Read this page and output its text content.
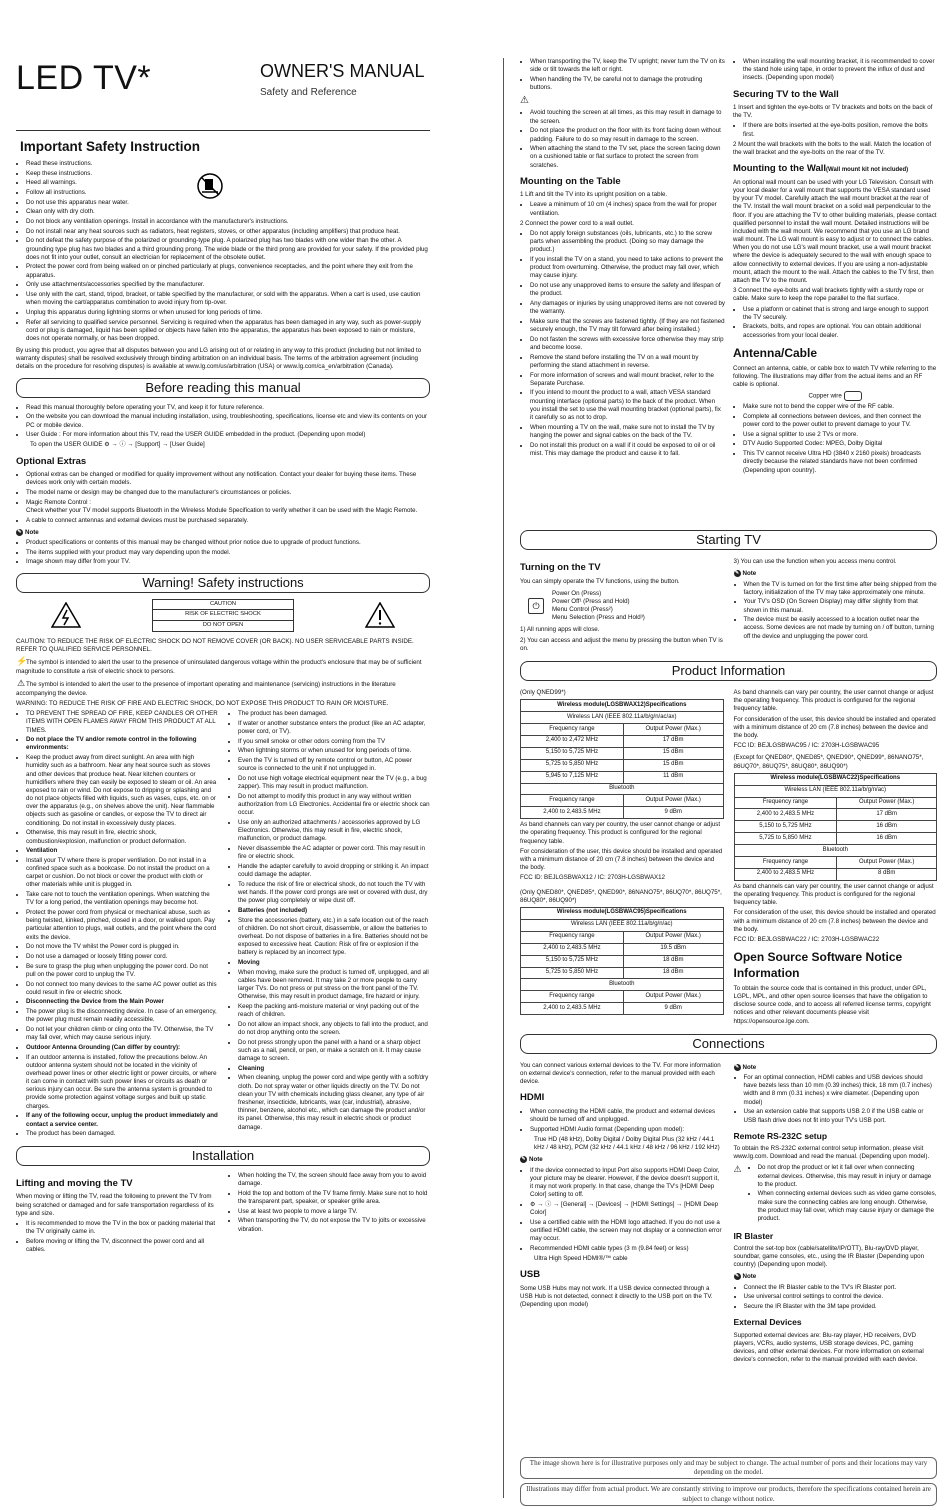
LED TV*	OWNER'S MANUAL
Safety and Reference
Important Safety Instruction
• Read these instructions.
• Keep these instructions.
• Heed all warnings.
• Follow all instructions.
• Do not use this apparatus near water.
• Clean only with dry cloth.
• Do not block any ventilation openings. Install in accordance with the manufacturer's instructions.
• Do not install near any heat sources such as radiators, heat registers, stoves, or other apparatus (including amplifiers) that produce heat.
• Do not defeat the safety purpose of the polarized or grounding-type plug. A polarized plug has two blades with one wider than the other. A grounding type plug has two blades and a third grounding prong. The wide blade or the third prong are provided for your safety. If the provided plug does not fit into your outlet, consult an electrician for replacement of the obsolete outlet.
• Protect the power cord from being walked on or pinched particularly at plugs, convenience receptacles, and the point where they exit from the apparatus.
• Only use attachments/accessories specified by the manufacturer.
• Use only with the cart, stand, tripod, bracket, or table specified by the manufacturer, or sold with the apparatus. When a cart is used, use caution when moving the cart/apparatus combination to avoid injury from tip-over.
• Unplug this apparatus during lightning storms or when unused for long periods of time.
• Refer all servicing to qualified service personnel. Servicing is required when the apparatus has been damaged in any way, such as power-supply cord or plug is damaged, liquid has been spilled or objects have fallen into the apparatus, the apparatus has been exposed to rain or moisture, does not operate normally, or has been dropped.

By using this product, you agree that all disputes between you and LG arising out of or relating in any way to this product (including but not limited to warranty disputes) shall be resolved exclusively through binding arbitration on an individual basis. The terms of the arbitration agreement (including details on the procedure for resolving disputes) is available at www.lg.com/us/arbitration (USA) or www.lg.com/ca_en/arbitration (Canada).

Before reading this manual
• Read this manual thoroughly before operating your TV, and keep it for future reference.
• On the website you can download the manual including installation, using, troubleshooting, specifications, license etc and view its contents on your PC or mobile device.
• User Guide : For more information about this TV, read the USER GUIDE embedded in the product. (Depending upon model)

To open the USER GUIDE ⚙ → ⓘ → [Support] → [User Guide]

Optional Extras
• Optional extras can be changed or modified for quality improvement without any notification. Contact your dealer for buying these items. These devices work only with certain models.
• The model name or design may be changed due to the manufacturer's circumstances or policies.
• Magic Remote Control :
Check whether your TV model supports Bluetooth in the Wireless Module Specification to verify whether it can be used with the Magic Remote.
• A cable to connect antennas and external devices must be purchased separately.
✎ Note
• Product specifications or contents of this manual may be changed without prior notice due to upgrade of product functions.
• The items supplied with your product may vary depending upon the model.
• Image shown may differ from your TV.
Warning! Safety instructions
CAUTION
RISK OF ELECTRIC SHOCK
DO NOT OPEN

CAUTION: TO REDUCE THE RISK OF ELECTRIC SHOCK DO NOT REMOVE COVER (OR BACK). NO USER SERVICEABLE PARTS INSIDE. REFER TO QUALIFIED SERVICE PERSONNEL.

⚡The symbol is intended to alert the user to the presence of uninsulated dangerous voltage within the product's enclosure that may be of sufficient magnitude to constitute a risk of electric shock to persons.

⚠The symbol is intended to alert the user to the presence of important operating and maintenance (servicing) instructions in the literature accompanying the device.

WARNING: TO REDUCE THE RISK OF FIRE AND ELECTRIC SHOCK, DO NOT EXPOSE THIS PRODUCT TO RAIN OR MOISTURE.

• TO PREVENT THE SPREAD OF FIRE, KEEP CANDLES OR OTHER ITEMS WITH OPEN FLAMES AWAY FROM THIS PRODUCT AT ALL TIMES.
• Do not place the TV and/or remote control in the following environments:
• Keep the product away from direct sunlight. An area with high humidity such as a bathroom. Near any heat source such as stoves and other devices that produce heat. Near kitchen counters or humidifiers where they can easily be exposed to steam or oil. An area exposed to rain or wind. Do not expose to dripping or splashing and do not place objects filled with liquids, such as vases, cups, etc. on or over the apparatus (e.g., on shelves above the unit). Near flammable objects such as gasoline or candles, or expose the TV to direct air conditioning. Do not install in excessively dusty places.
• Otherwise, this may result in fire, electric shock, combustion/explosion, malfunction or product deformation.
• Ventilation
• Install your TV where there is proper ventilation. Do not install in a confined space such as a bookcase. Do not install the product on a carpet or cushion. Do not block or cover the product with cloth or other materials while unit is plugged in.
• Take care not to touch the ventilation openings. When watching the TV for a long period, the ventilation openings may become hot.
• Protect the power cord from physical or mechanical abuse, such as being twisted, kinked, pinched, closed in a door, or walked upon. Pay particular attention to plugs, wall outlets, and the point where the cord exits the device.
• Do not move the TV whilst the Power cord is plugged in.
• Do not use a damaged or loosely fitting power cord.
• Be sure to grasp the plug when unplugging the power cord. Do not pull on the power cord to unplug the TV.
• Do not connect too many devices to the same AC power outlet as this could result in fire or electric shock.
• Disconnecting the Device from the Main Power
• The power plug is the disconnecting device. In case of an emergency, the power plug must remain readily accessible.
• Do not let your children climb or cling onto the TV. Otherwise, the TV may fall over, which may cause serious injury.
• Outdoor Antenna Grounding (Can differ by country):
• If an outdoor antenna is installed, follow the precautions below. An outdoor antenna system should not be located in the vicinity of overhead power lines or other electric light or power circuits, or where it can come in contact with such power lines or circuits as death or serious injury can occur. Be sure the antenna system is grounded to provide some protection against voltage surges and built up static charges.
• If any of the following occur, unplug the product immediately and contact a service center.
• The product has been damaged.
• The product has been damaged.
• If water or another substance enters the product (like an AC adapter, power cord, or TV).
• If you smell smoke or other odors coming from the TV
• When lightning storms or when unused for long periods of time.
• Even the TV is turned off by remote control or button, AC power source is connected to the unit if not unplugged in.
• Do not use high voltage electrical equipment near the TV (e.g., a bug zapper). This may result in product malfunction.
• Do not attempt to modify this product in any way without written authorization from LG Electronics. Accidental fire or electric shock can occur.
• Use only an authorized attachments / accessories approved by LG Electronics. Otherwise, this may result in fire, electric shock, malfunction, or product damage.
• Never disassemble the AC adapter or power cord. This may result in fire or electric shock.
• Handle the adapter carefully to avoid dropping or striking it. An impact could damage the adapter.
• To reduce the risk of fire or electrical shock, do not touch the TV with wet hands. If the power cord prongs are wet or covered with dust, dry the power plug completely or wipe dust off.
• Batteries (not included)
• Store the accessories (battery, etc.) in a safe location out of the reach of children. Do not short circuit, disassemble, or allow the batteries to overheat. Do not dispose of batteries in a fire. Batteries should not be exposed to excessive heat. Caution: Risk of fire or explosion if the battery is replaced by an incorrect type.
• Moving
• When moving, make sure the product is turned off, unplugged, and all cables have been removed. It may take 2 or more people to carry larger TVs. Do not press or put stress on the front panel of the TV. Otherwise, this may result in product damage, fire hazard or injury.
• Keep the packing anti-moisture material or vinyl packing out of the reach of children.
• Do not allow an impact shock, any objects to fall into the product, and do not drop anything onto the screen.
• Do not press strongly upon the panel with a hand or a sharp object such as a nail, pencil, or pen, or make a scratch on it. It may cause damage to screen.
• Cleaning
• When cleaning, unplug the power cord and wipe gently with a soft/dry cloth. Do not spray water or other liquids directly on the TV. Do not clean your TV with chemicals including glass cleaner, any type of air freshener, insecticide, lubricants, wax (car, industrial), abrasive, thinner, benzene, alcohol etc., which can damage the product and/or its panel. Otherwise, this may result in electric shock or product damage.
Installation
Lifting and moving the TV

When moving or lifting the TV, read the following to prevent the TV from being scratched or damaged and for safe transportation regardless of its type and size.

• It is recommended to move the TV in the box or packing material that the TV originally came in.
• Before moving or lifting the TV, disconnect the power cord and all cables.
• When holding the TV, the screen should face away from you to avoid damage.
• Hold the top and bottom of the TV frame firmly. Make sure not to hold the transparent part, speaker, or speaker grille area.
• Use at least two people to move a large TV.
• When transporting the TV, do not expose the TV to jolts or excessive vibration.
• When transporting the TV, keep the TV upright; never turn the TV on its side or tilt towards the left or right.
• When handling the TV, be careful not to damage the protruding buttons.

⚠

• Avoid touching the screen at all times, as this may result in damage to the screen.
• Do not place the product on the floor with its front facing down without padding. Failure to do so may result in damage to the screen.
• When attaching the stand to the TV set, place the screen facing down on a cushioned table or flat surface to protect the screen from scratches.
Mounting on the Table

1 Lift and tilt the TV into its upright position on a table.

• Leave a minimum of 10 cm (4 inches) space from the wall for proper ventilation.

2 Connect the power cord to a wall outlet.

• Do not apply foreign substances (oils, lubricants, etc.) to the screw parts when assembling the product. (Doing so may damage the product.)
• If you install the TV on a stand, you need to take actions to prevent the product from overturning. Otherwise, the product may fall over, which may cause injury.
• Do not use any unapproved items to ensure the safety and lifespan of the product.
• Any damages or injuries by using unapproved items are not covered by the warranty.
• Make sure that the screws are fastened tightly. (If they are not fastened securely enough, the TV may tilt forward after being installed.)
• Do not fasten the screws with excessive force otherwise they may strip and become loose.
• Remove the stand before installing the TV on a wall mount by performing the stand attachment in reverse.
• For more information of screws and wall mount bracket, refer to the Separate Purchase.
• If you intend to mount the product to a wall, attach VESA standard mounting interface (optional parts) to the back of the product. When you install the set to use the wall mounting bracket (optional parts), fix it carefully so as not to drop.
• When mounting a TV on the wall, make sure not to install the TV by hanging the power and signal cables on the back of the TV.
• Do not install this product on a wall if it could be exposed to oil or oil mist. This may damage the product and cause it to fall.
• When installing the wall mounting bracket, it is recommended to cover the stand hole using tape, in order to prevent the influx of dust and insects. (Depending upon model)
Securing TV to the Wall

1 Insert and tighten the eye-bolts or TV brackets and bolts on the back of the TV.

• If there are bolts inserted at the eye-bolts position, remove the bolts first.

2 Mount the wall brackets with the bolts to the wall. Match the location of the wall bracket and the eye-bolts on the rear of the TV.

Mounting to the Wall(Wall mount kit not included)

An optional wall mount can be used with your LG Television. Consult with your local dealer for a wall mount that supports the VESA standard used by your TV model. Carefully attach the wall mount bracket at the rear of the TV. Install the wall mount bracket on a solid wall perpendicular to the floor. If you are attaching the TV to other building materials, please contact qualified personnel to install the wall mount. Detailed instructions will be included with the wall mount. We recommend that you use an LG brand wall mount. The LG wall mount is easy to adjust or to connect the cables. When you do not use LG's wall mount bracket, use a wall mount bracket where the device is adequately secured to the wall with enough space to allow connectivity to external devices. If you are using a non-adjustable mount, attach the mount to the wall. Attach the cables to the TV first, then attach the TV to the mount.

3 Connect the eye-bolts and wall brackets tightly with a sturdy rope or cable. Make sure to keep the rope parallel to the flat surface.

• Use a platform or cabinet that is strong and large enough to support the TV securely.
• Brackets, bolts, and ropes are optional. You can obtain additional accessories from your local dealer.
Antenna/Cable

Connect an antenna, cable, or cable box to watch TV while referring to the following. The illustrations may differ from the actual items and an RF cable is optional.

Copper wire

• Make sure not to bend the copper wire of the RF cable.
• Complete all connections between devices, and then connect the power cord to the power outlet to prevent damage to your TV.
• Use a signal splitter to use 2 TVs or more.
• DTV Audio Supported Codec: MPEG, Dolby Digital
• This TV cannot receive Ultra HD (3840 x 2160 pixels) broadcasts directly because the related standards have not been confirmed (Depending upon country).
Starting TV
Turning on the TV

You can simply operate the TV functions, using the button.

⏻
Power On (Press)
Power Off¹ (Press and Hold)
Menu Control (Press²)
Menu Selection (Press and Hold³)

1) All running apps will close.

2) You can access and adjust the menu by pressing the button when TV is on.

3) You can use the function when you access menu control.

✎ Note
• When the TV is turned on for the first time after being shipped from the factory, initialization of the TV may take approximately one minute.
• Your TV's OSD (On Screen Display) may differ slightly from that shown in this manual.
• The device must be easily accessed to a location outlet near the access. Some devices are not made by turning on / off button, turning off the device and unplugging the power cord.
Product Information

(Only QNED99*)

Wireless module(LGSBWAX12)Specifications	
Wireless LAN (IEEE 802.11a/b/g/n/ac/ax)	
Frequency range	Output Power (Max.)
2,400 to 2,472 MHz	17 dBm
5,150 to 5,725 MHz	15 dBm
5,725 to 5,850 MHz	15 dBm
5,945 to 7,125 MHz	11 dBm
Bluetooth	
Frequency range	Output Power (Max.)
2,400 to 2,483.5 MHz	9 dBm

As band channels can vary per country, the user cannot change or adjust the operating frequency. This product is configured for the regional frequency table.

For consideration of the user, this device should be installed and operated with a minimum distance of 20 cm (7.8 inches) between the device and the body.

FCC ID: BEJLGSBWAX12 / IC: 2703H-LGSBWAX12

(Only QNED80*, QNED85*, QNED90*, 86NANO75*, 86UQ70*, 86UQ75*, 86UQ80*, 86UQ90*)

Wireless module(LGSBWAC95)Specifications	
Wireless LAN (IEEE 802.11a/b/g/n/ac)	
Frequency range	Output Power (Max.)
2,400 to 2,483.5 MHz	19.5 dBm
5,150 to 5,725 MHz	18 dBm
5,725 to 5,850 MHz	18 dBm
Bluetooth	
Frequency range	Output Power (Max.)
2,400 to 2,483.5 MHz	9 dBm

As band channels can vary per country, the user cannot change or adjust the operating frequency. This product is configured for the regional frequency table.

For consideration of the user, this device should be installed and operated with a minimum distance of 20 cm (7.8 inches) between the device and the body.

FCC ID: BEJLGSBWAC95 / IC: 2703H-LGSBWAC95

(Except for QNED80*, QNED85*, QNED90*, QNED99*, 86NANO75*, 86UQ70*, 86UQ75*, 86UQ80*, 86UQ90*)

Wireless module(LGSBWAC22)Specifications	
Wireless LAN (IEEE 802.11a/b/g/n/ac)	
Frequency range	Output Power (Max.)
2,400 to 2,483.5 MHz	17 dBm
5,150 to 5,725 MHz	16 dBm
5,725 to 5,850 MHz	16 dBm
Bluetooth	
Frequency range	Output Power (Max.)
2,400 to 2,483.5 MHz	8 dBm

As band channels can vary per country, the user cannot change or adjust the operating frequency. This product is configured for the regional frequency table.

For consideration of the user, this device should be installed and operated with a minimum distance of 20 cm (7.8 inches) between the device and the body.

FCC ID: BEJLGSBWAC22 / IC: 2703H-LGSBWAC22

Open Source Software Notice Information

To obtain the source code that is contained in this product, under GPL, LGPL, MPL, and other open source licenses that have the obligation to disclose source code, and to access all referred license terms, copyright notices and other relevant documents please visit https://opensource.lge.com.

Connections

You can connect various external devices to the TV. For more information on external device's connection, refer to the manual provided with each device.

HDMI
• When connecting the HDMI cable, the product and external devices should be turned off and unplugged.
• Supported HDMI Audio format (Depending upon model):

True HD (48 kHz), Dolby Digital / Dolby Digital Plus (32 kHz / 44.1 kHz / 48 kHz), PCM (32 kHz / 44.1 kHz / 48 kHz / 96 kHz / 192 kHz)

✎ Note
• If the device connected to Input Port also supports HDMI Deep Color, your picture may be clearer. However, if the device doesn't support it, it may not work properly. In that case, change the TV's [HDMI Deep Color] setting to off.
• ⚙ → ⓘ → [General] → [Devices] → [HDMI Settings] → [HDMI Deep Color]
• Use a certified cable with the HDMI logo attached. If you do not use a certified HDMI cable, the screen may not display or a connection error may occur.
• Recommended HDMI cable types (3 m (9.84 feet) or less)

Ultra High Speed HDMI®/™ cable

USB

Some USB Hubs may not work. If a USB device connected through a USB Hub is not detected, connect it directly to the USB port on the TV. (Depending upon model)

✎ Note
• For an optimal connection, HDMI cables and USB devices should have bezels less than 10 mm (0.39 inches) thick, 18 mm (0.7 inches) width and 8 mm (0.31 inches) x wire diameter. (Depending upon model)
• Use an extension cable that supports USB 2.0 if the USB cable or USB flash drive does not fit into your TV's USB port.
Remote RS-232C setup

To obtain the RS-232C external control setup information, please visit www.lg.com. Download and read the manual. (Depending upon model).

⚠	• Do not drop the product or let it fall over when connecting external devices. Otherwise, this may result in injury or damage to the product.
• When connecting external devices such as video game consoles, make sure the connecting cables are long enough. Otherwise, the product may fall over, which may cause injury or damage the product.
IR Blaster

Control the set-top box (cable/satellite/IP/OTT), Blu-ray/DVD player, soundbar, game consoles, etc., using the IR Blaster (Depending upon country) (Depending upon model).

✎ Note
• Connect the IR Blaster cable to the TV's IR Blaster port.
• Use universal control settings to control the device.
• Secure the IR Blaster with the 3M tape provided.
External Devices

Supported external devices are: Blu-ray player, HD receivers, DVD players, VCRs, audio systems, USB storage devices, PC, gaming devices, and other external devices. For more information on external device's connection, refer to the manual provided with each device.

The image shown here is for illustrative purposes only and may be subject to change. The actual number of ports and their locations may vary depending on the model.
Illustrations may differ from actual product. We are constantly striving to improve our products, therefore the specifications contained herein are subject to change without notice.
